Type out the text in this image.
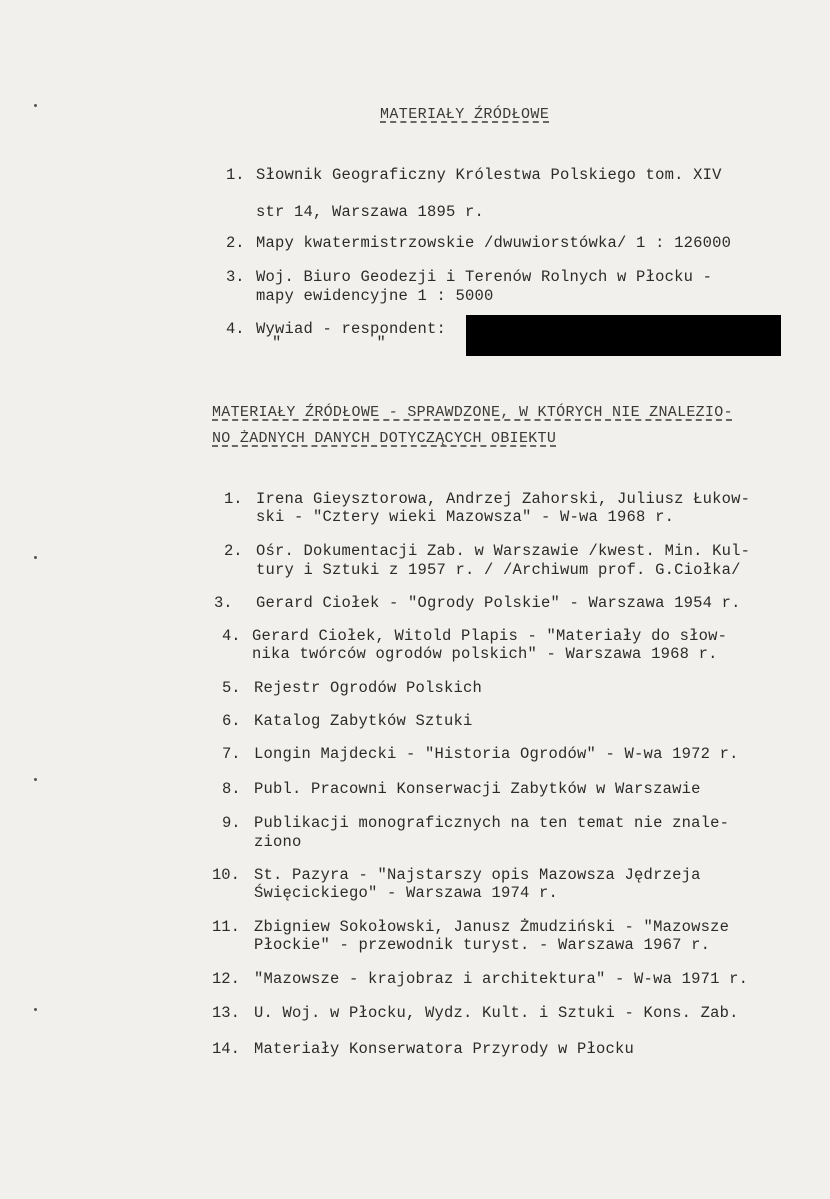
MATERIAŁY ŹRÓDŁOWE
1. Słownik Geograficzny Królestwa Polskiego tom. XIV
str 14, Warszawa 1895 r.
2. Mapy kwatermistrzowskie /dwuwiorstówka/ 1 : 126000
3. Woj. Biuro Geodezji i Terenów Rolnych w Płocku -
mapy ewidencyjne 1 : 5000
4. Wywiad - respondent:
"          "
MATERIAŁY ŹRÓDŁOWE - SPRAWDZONE, W KTÓRYCH NIE ZNALEZIO-
NO ŻADNYCH DANYCH DOTYCZĄCYCH OBIEKTU
1. Irena Gieysztorowa, Andrzej Zahorski, Juliusz Łukow-
ski - "Cztery wieki Mazowsza" - W-wa 1968 r.
2. Ośr. Dokumentacji Zab. w Warszawie /kwest. Min. Kul-
tury i Sztuki z 1957 r. / /Archiwum prof. G.Ciołka/
3. Gerard Ciołek - "Ogrody Polskie" - Warszawa 1954 r.
4. Gerard Ciołek, Witold Plapis - "Materiały do słow-
nika twórców ogrodów polskich" - Warszawa 1968 r.
5. Rejestr Ogrodów Polskich
6. Katalog Zabytków Sztuki
7. Longin Majdecki - "Historia Ogrodów" - W-wa 1972 r.
8. Publ. Pracowni Konserwacji Zabytków w Warszawie
9. Publikacji monograficznych na ten temat nie znale-
ziono
10. St. Pazyra - "Najstarszy opis Mazowsza Jędrzeja
Święcickiego" - Warszawa 1974 r.
11. Zbigniew Sokołowski, Janusz Żmudziński - "Mazowsze
Płockie" - przewodnik turyst. - Warszawa 1967 r.
12. "Mazowsze - krajobraz i architektura" - W-wa 1971 r.
13. U. Woj. w Płocku, Wydz. Kult. i Sztuki - Kons. Zab.
14. Materiały Konserwatora Przyrody w Płocku
